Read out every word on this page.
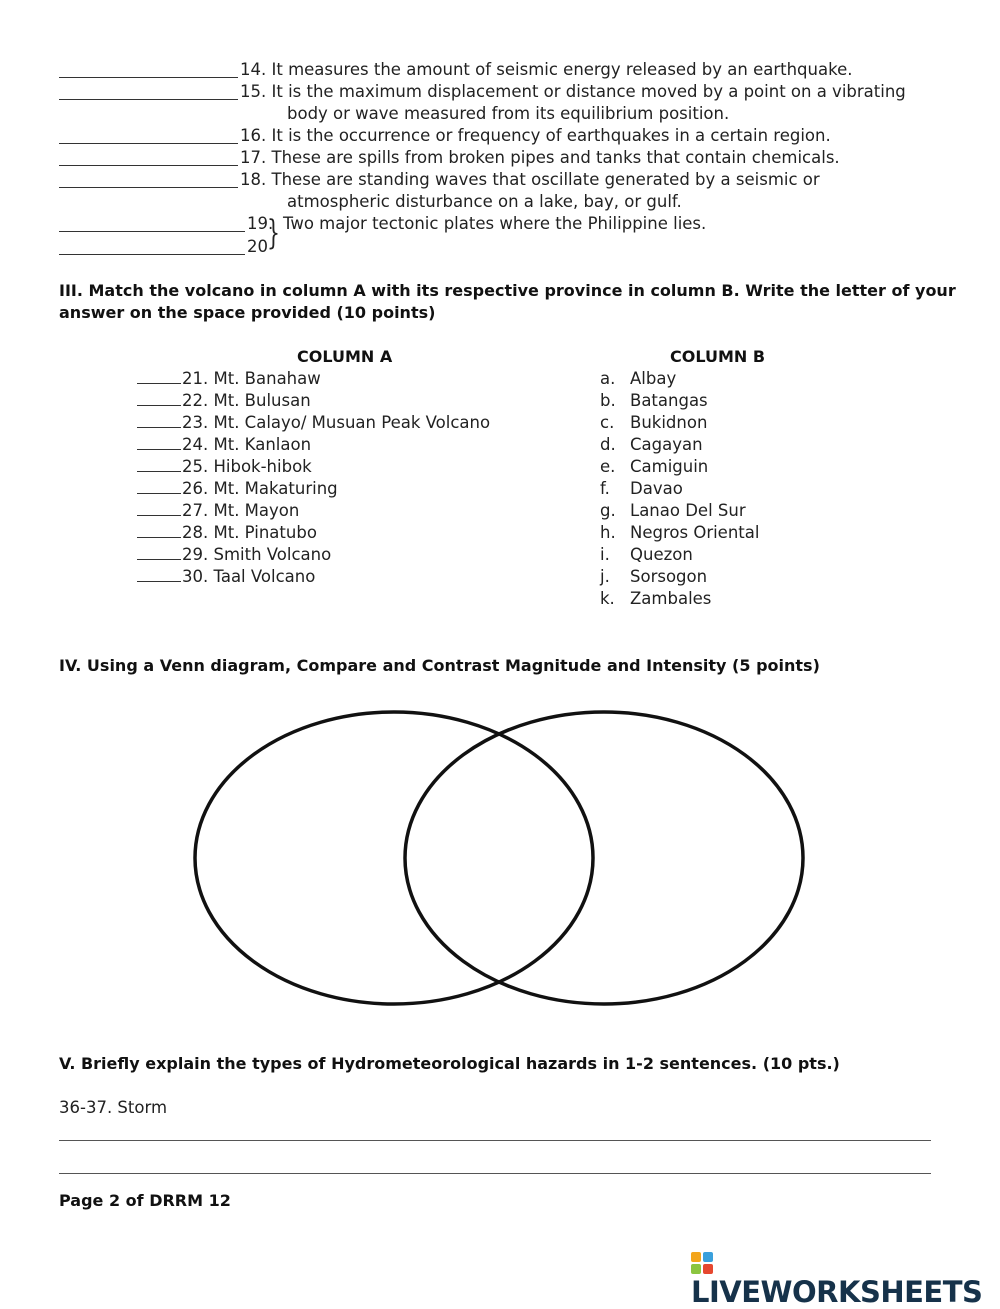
14. It measures the amount of seismic energy released by an earthquake.
15. It is the maximum displacement or distance moved by a point on a vibrating
body or wave measured from its equilibrium position.
16. It is the occurrence or frequency of earthquakes in a certain region.
17. These are spills from broken pipes and tanks that contain chemicals.
18. These are standing waves that oscillate generated by a seismic or
atmospheric disturbance on a lake, bay, or gulf.
19.
20 } Two major tectonic plates where the Philippine lies.
III. Match the volcano in column A with its respective province in column B. Write the letter of your
answer on the space provided (10 points)
COLUMN A	COLUMN B
21. Mt. Banahaw
22. Mt. Bulusan
23. Mt. Calayo/ Musuan Peak Volcano
24. Mt. Kanlaon
25. Hibok-hibok
26. Mt. Makaturing
27. Mt. Mayon
28. Mt. Pinatubo
29. Smith Volcano
30. Taal Volcano
a. Albay
b. Batangas
c. Bukidnon
d. Cagayan
e. Camiguin
f. Davao
g. Lanao Del Sur
h. Negros Oriental
i. Quezon
j. Sorsogon
k. Zambales
IV. Using a Venn diagram, Compare and Contrast Magnitude and Intensity (5 points)
V. Briefly explain the types of Hydrometeorological hazards in 1-2 sentences. (10 pts.)
36-37. Storm
Page 2 of DRRM 12
LIVEWORKSHEETS
